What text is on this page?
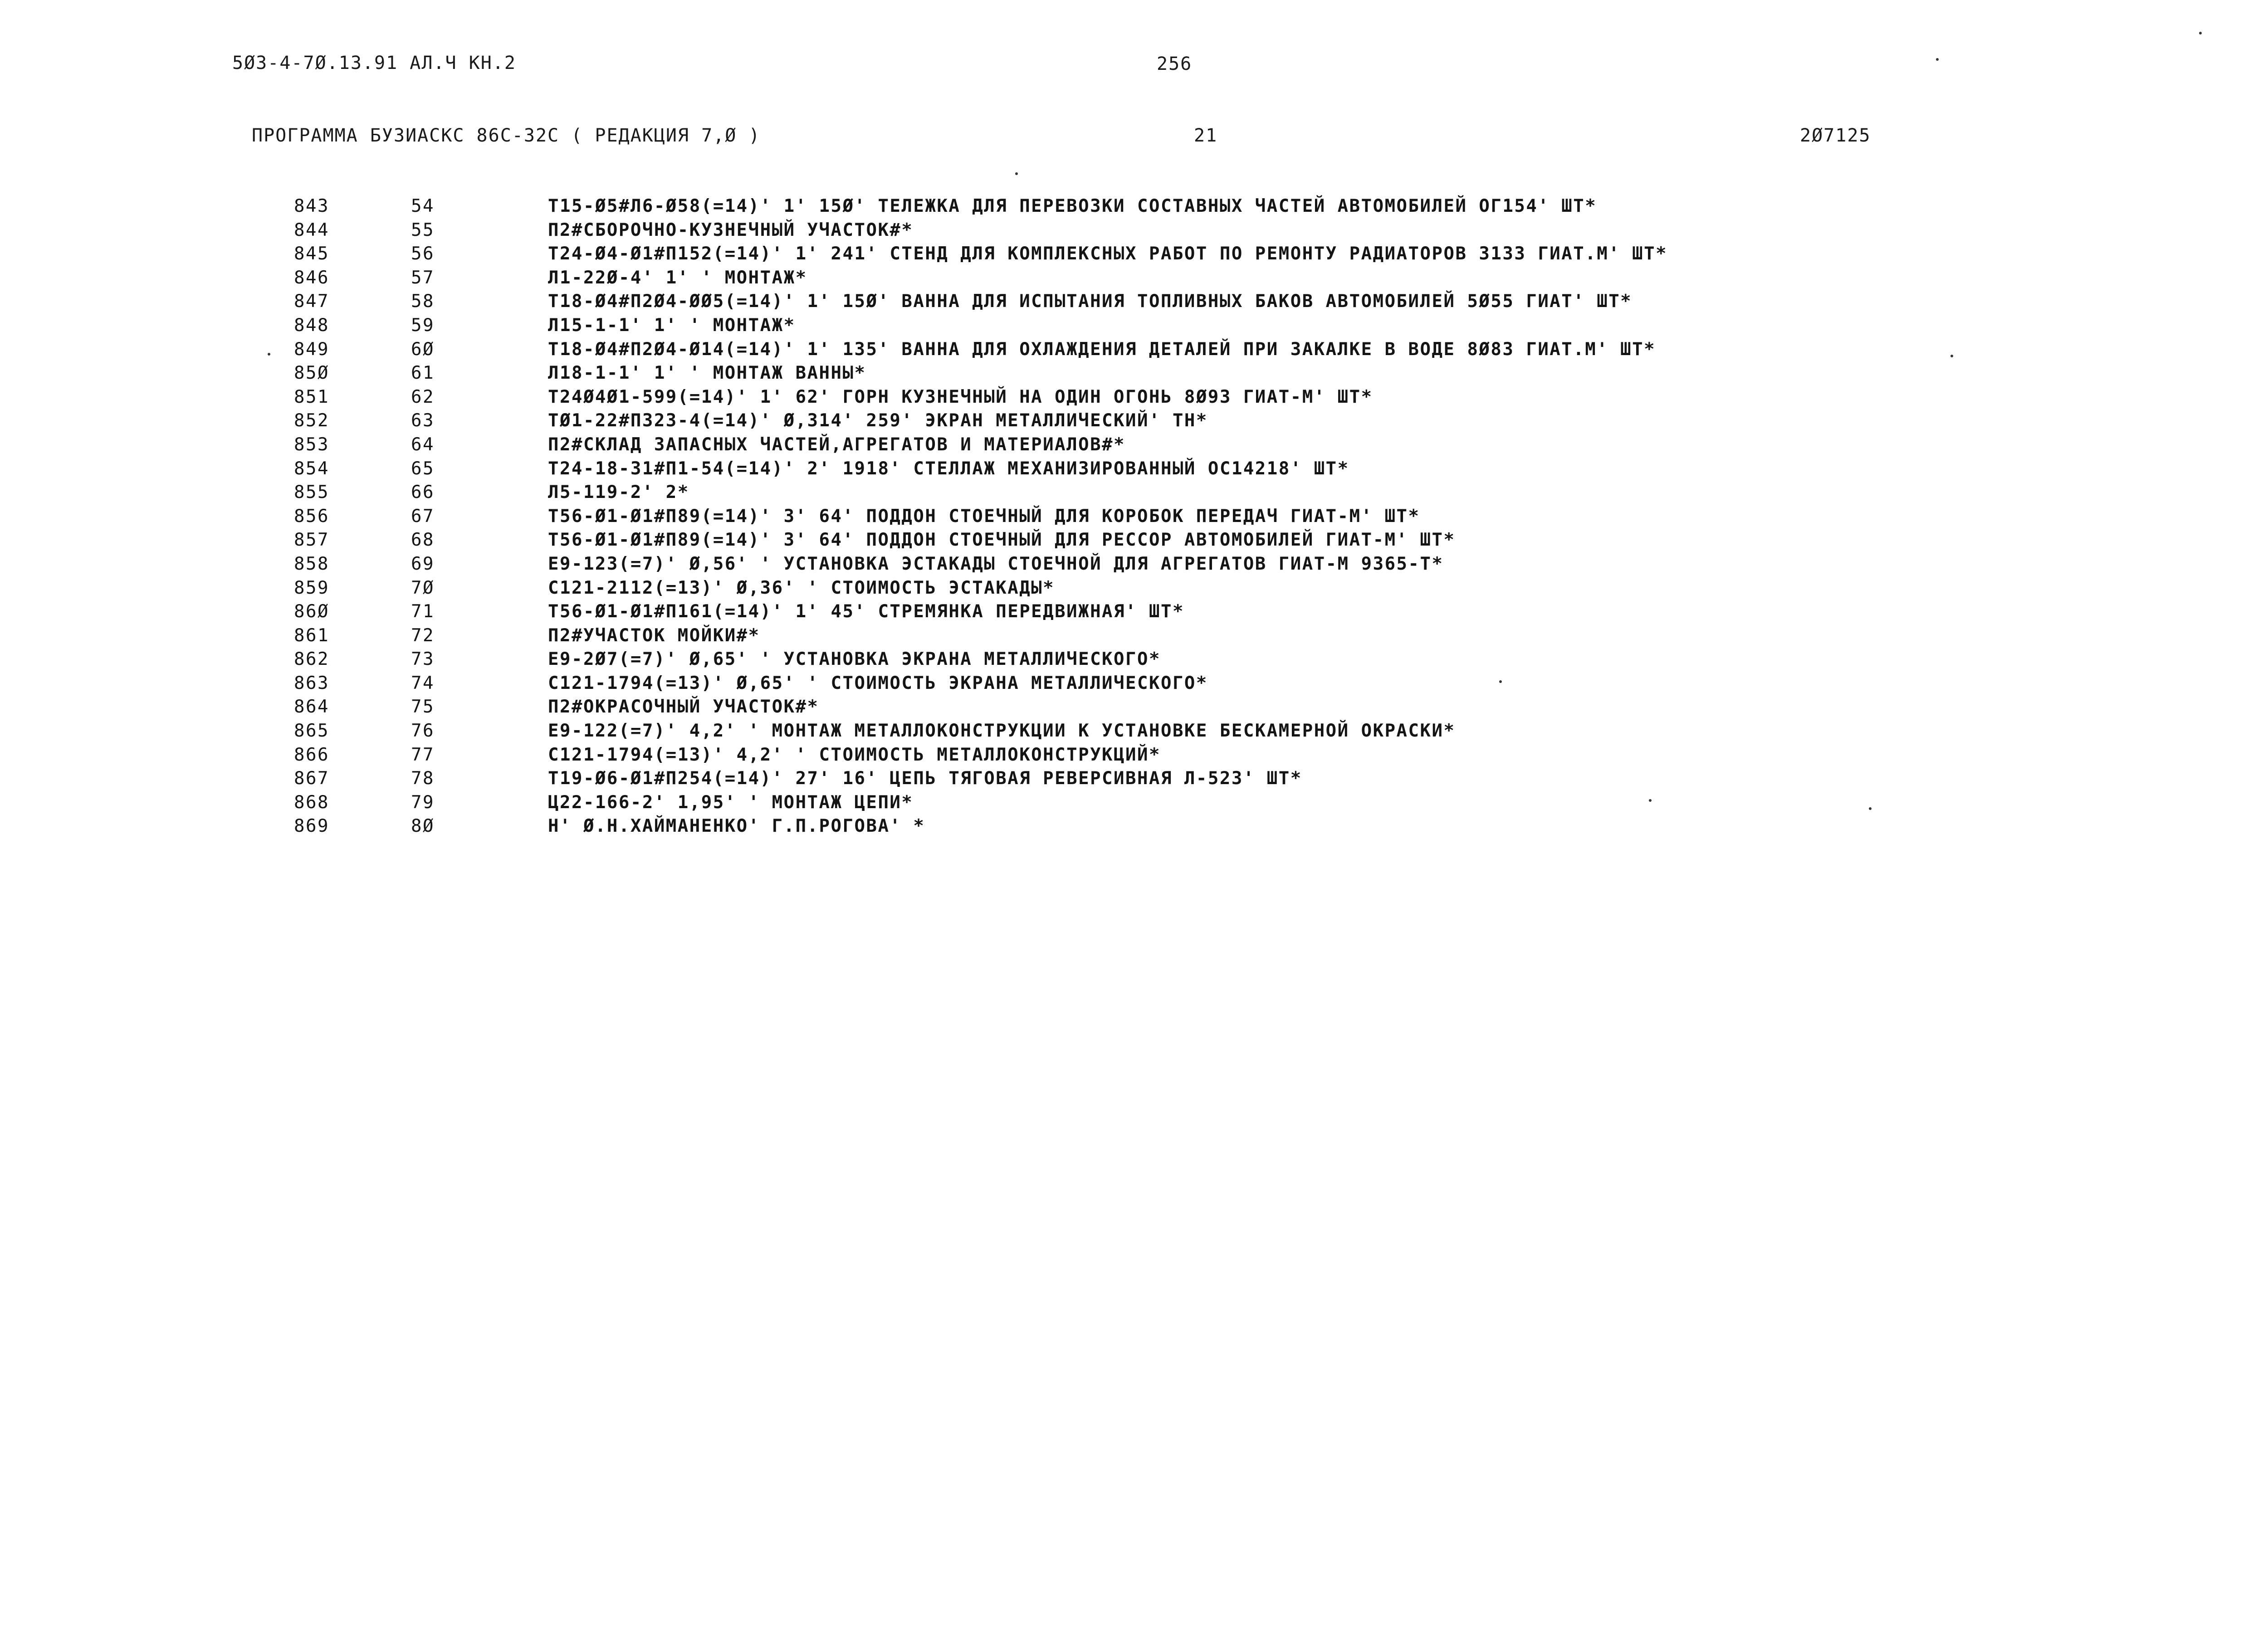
5Ø3-4-7Ø.13.91 АЛ.Ч КН.2	256
ПРОГРАММА БУЗИАСКС 86С-32С ( РЕДАКЦИЯ 7,Ø )	21	2Ø7125
843	54	Т15-Ø5#Л6-Ø58(=14)' 1' 15Ø' ТЕЛЕЖКА ДЛЯ ПЕРЕВОЗКИ СОСТАВНЫХ ЧАСТЕЙ АВТОМОБИЛЕЙ ОГ154' ШТ*
844	55	П2#СБОРОЧНО-КУЗНЕЧНЫЙ УЧАСТОК#*
845	56	Т24-Ø4-Ø1#П152(=14)' 1' 241' СТЕНД ДЛЯ КОМПЛЕКСНЫХ РАБОТ ПО РЕМОНТУ РАДИАТОРОВ 3133 ГИАТ.М' ШТ*
846	57	Л1-22Ø-4' 1' ' МОНТАЖ*
847	58	Т18-Ø4#П2Ø4-ØØ5(=14)' 1' 15Ø' ВАННА ДЛЯ ИСПЫТАНИЯ ТОПЛИВНЫХ БАКОВ АВТОМОБИЛЕЙ 5Ø55 ГИАТ' ШТ*
848	59	Л15-1-1' 1' ' МОНТАЖ*
849	6Ø	Т18-Ø4#П2Ø4-Ø14(=14)' 1' 135' ВАННА ДЛЯ ОХЛАЖДЕНИЯ ДЕТАЛЕЙ ПРИ ЗАКАЛКЕ В ВОДЕ 8Ø83 ГИАТ.М' ШТ*
85Ø	61	Л18-1-1' 1' ' МОНТАЖ ВАННЫ*
851	62	Т24Ø4Ø1-599(=14)' 1' 62' ГОРН КУЗНЕЧНЫЙ НА ОДИН ОГОНЬ 8Ø93 ГИАТ-М' ШТ*
852	63	ТØ1-22#П323-4(=14)' Ø,314' 259' ЭКРАН МЕТАЛЛИЧЕСКИЙ' ТН*
853	64	П2#СКЛАД ЗАПАСНЫХ ЧАСТЕЙ,АГРЕГАТОВ И МАТЕРИАЛОВ#*
854	65	Т24-18-31#П1-54(=14)' 2' 1918' СТЕЛЛАЖ МЕХАНИЗИРОВАННЫЙ ОС14218' ШТ*
855	66	Л5-119-2' 2*
856	67	Т56-Ø1-Ø1#П89(=14)' 3' 64' ПОДДОН СТОЕЧНЫЙ ДЛЯ КОРОБОК ПЕРЕДАЧ ГИАТ-М' ШТ*
857	68	Т56-Ø1-Ø1#П89(=14)' 3' 64' ПОДДОН СТОЕЧНЫЙ ДЛЯ РЕССОР АВТОМОБИЛЕЙ ГИАТ-М' ШТ*
858	69	Е9-123(=7)' Ø,56' ' УСТАНОВКА ЭСТАКАДЫ СТОЕЧНОЙ ДЛЯ АГРЕГАТОВ ГИАТ-М 9365-Т*
859	7Ø	С121-2112(=13)' Ø,36' ' СТОИМОСТЬ ЭСТАКАДЫ*
86Ø	71	Т56-Ø1-Ø1#П161(=14)' 1' 45' СТРЕМЯНКА ПЕРЕДВИЖНАЯ' ШТ*
861	72	П2#УЧАСТОК МОЙКИ#*
862	73	Е9-2Ø7(=7)' Ø,65' ' УСТАНОВКА ЭКРАНА МЕТАЛЛИЧЕСКОГО*
863	74	С121-1794(=13)' Ø,65' ' СТОИМОСТЬ ЭКРАНА МЕТАЛЛИЧЕСКОГО*
864	75	П2#ОКРАСОЧНЫЙ УЧАСТОК#*
865	76	Е9-122(=7)' 4,2' ' МОНТАЖ МЕТАЛЛОКОНСТРУКЦИИ К УСТАНОВКЕ БЕСКАМЕРНОЙ ОКРАСКИ*
866	77	С121-1794(=13)' 4,2' ' СТОИМОСТЬ МЕТАЛЛОКОНСТРУКЦИЙ*
867	78	Т19-Ø6-Ø1#П254(=14)' 27' 16' ЦЕПЬ ТЯГОВАЯ РЕВЕРСИВНАЯ Л-523' ШТ*
868	79	Ц22-166-2' 1,95' ' МОНТАЖ ЦЕПИ*
869	8Ø	Н' Ø.Н.ХАЙМАНЕНКО' Г.П.РОГОВА' *
